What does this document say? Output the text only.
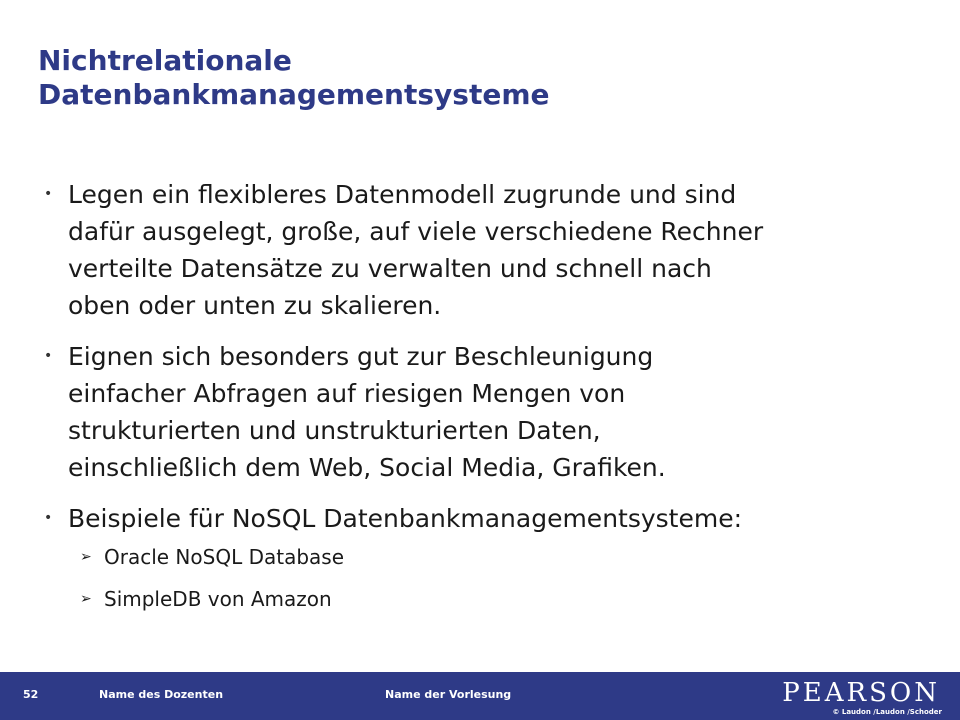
Nichtrelationale
Datenbankmanagementsysteme
• Legen ein flexibleres Datenmodell zugrunde und sind
dafür ausgelegt, große, auf viele verschiedene Rechner
verteilte Datensätze zu verwalten und schnell nach
oben oder unten zu skalieren.
• Eignen sich besonders gut zur Beschleunigung
einfacher Abfragen auf riesigen Mengen von
strukturierten und unstrukturierten Daten,
einschließlich dem Web, Social Media, Grafiken.
• Beispiele für NoSQL Datenbankmanagementsysteme:
➢ Oracle NoSQL Database
➢ SimpleDB von Amazon
Name des Dozenten	Name der Vorlesung	PEARSON
© Laudon /Laudon /Schoder
52
